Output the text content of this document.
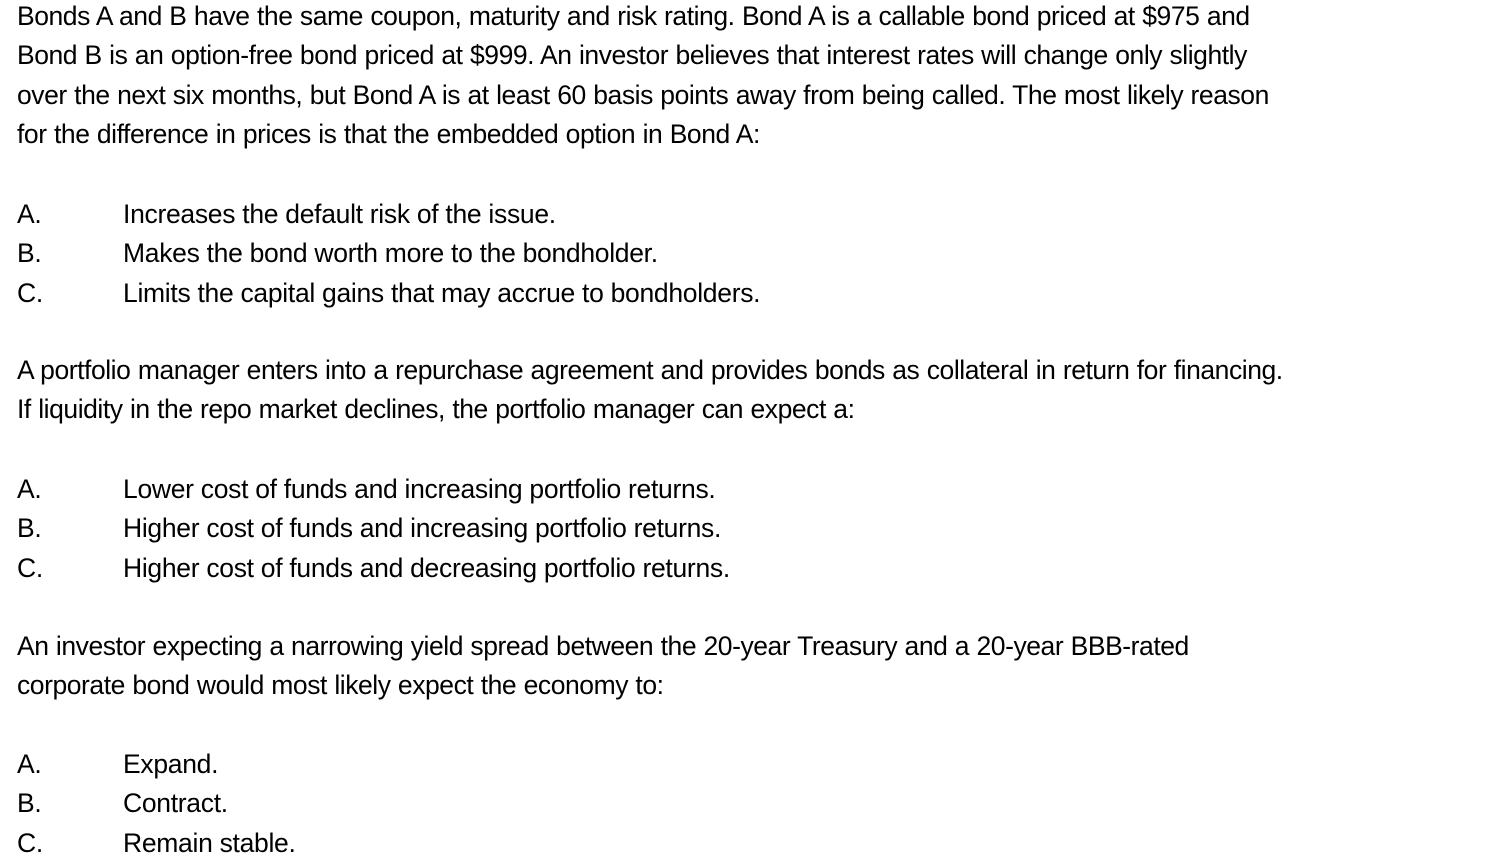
Bonds A and B have the same coupon, maturity and risk rating. Bond A is a callable bond priced at $975 and
Bond B is an option-free bond priced at $999. An investor believes that interest rates will change only slightly
over the next six months, but Bond A is at least 60 basis points away from being called. The most likely reason
for the difference in prices is that the embedded option in Bond A:

A.	Increases the default risk of the issue.
B.	Makes the bond worth more to the bondholder.
C.	Limits the capital gains that may accrue to bondholders.

A portfolio manager enters into a repurchase agreement and provides bonds as collateral in return for financing.
If liquidity in the repo market declines, the portfolio manager can expect a:

A.	Lower cost of funds and increasing portfolio returns.
B.	Higher cost of funds and increasing portfolio returns.
C.	Higher cost of funds and decreasing portfolio returns.

An investor expecting a narrowing yield spread between the 20-year Treasury and a 20-year BBB-rated
corporate bond would most likely expect the economy to:

A.	Expand.
B.	Contract.
C.	Remain stable.
